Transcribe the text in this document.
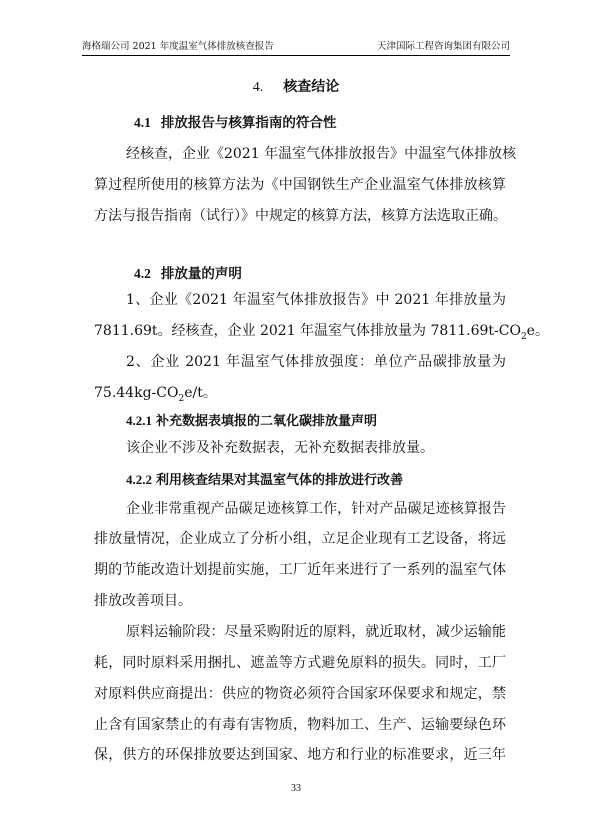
海格瑞公司 2021 年度温室气体排放核查报告	天津国际工程咨询集团有限公司
4. 核查结论
4.1 排放报告与核算指南的符合性
经核查，企业《2021 年温室气体排放报告》中温室气体排放核
算过程所使用的核算方法为《中国钢铁生产企业温室气体排放核算
方法与报告指南（试行）》中规定的核算方法，核算方法选取正确。
4.2 排放量的声明
1、企业《2021 年温室气体排放报告》中 2021 年排放量为
7811.69t。经核查，企业 2021 年温室气体排放量为 $7811.69t-CO_2e$。
2、企业 2021 年温室气体排放强度：单位产品碳排放量为
$75.44kg-CO_2e/t$。
4.2.1 补充数据表填报的二氧化碳排放量声明
该企业不涉及补充数据表，无补充数据表排放量。
4.2.2 利用核查结果对其温室气体的排放进行改善
企业非常重视产品碳足迹核算工作，针对产品碳足迹核算报告
排放量情况，企业成立了分析小组，立足企业现有工艺设备，将远
期的节能改造计划提前实施，工厂近年来进行了一系列的温室气体
排放改善项目。
原料运输阶段：尽量采购附近的原料，就近取材，减少运输能
耗，同时原料采用捆扎、遮盖等方式避免原料的损失。同时，工厂
对原料供应商提出：供应的物资必须符合国家环保要求和规定，禁
止含有国家禁止的有毒有害物质，物料加工、生产、运输要绿色环
保，供方的环保排放要达到国家、地方和行业的标准要求，近三年
33
